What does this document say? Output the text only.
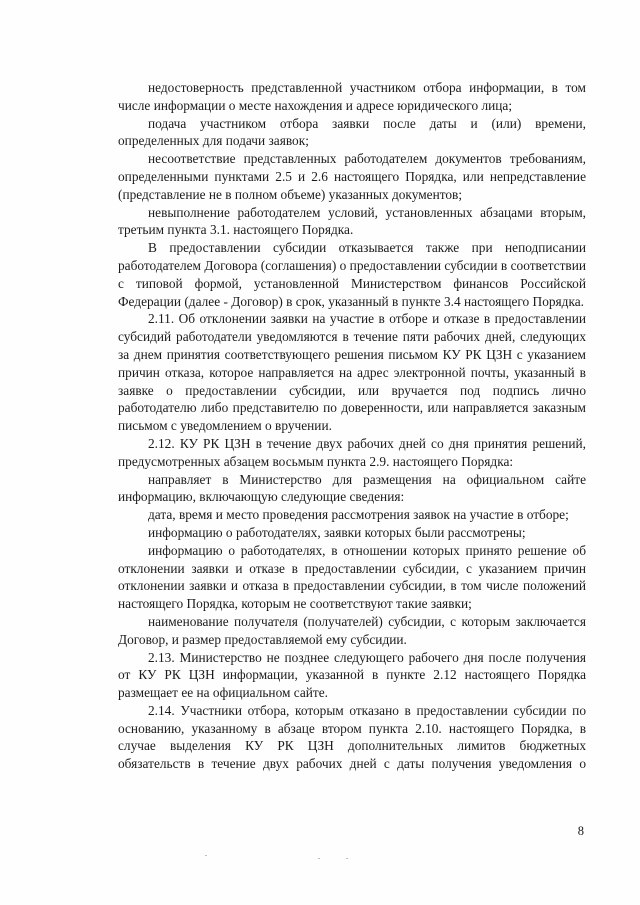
недостоверность представленной участником отбора информации, в том числе информации о месте нахождения и адресе юридического лица;

подача участником отбора заявки после даты и (или) времени, определенных для подачи заявок;

несоответствие представленных работодателем документов требованиям, определенными пунктами 2.5 и 2.6 настоящего Порядка, или непредставление (представление не в полном объеме) указанных документов;

невыполнение работодателем условий, установленных абзацами вторым, третьим пункта 3.1. настоящего Порядка.

В предоставлении субсидии отказывается также при неподписании работодателем Договора (соглашения) о предоставлении субсидии в соответствии с типовой формой, установленной Министерством финансов Российской Федерации (далее - Договор) в срок, указанный в пункте 3.4 настоящего Порядка.

2.11. Об отклонении заявки на участие в отборе и отказе в предоставлении субсидий работодатели уведомляются в течение пяти рабочих дней, следующих за днем принятия соответствующего решения письмом КУ РК ЦЗН с указанием причин отказа, которое направляется на адрес электронной почты, указанный в заявке о предоставлении субсидии, или вручается под подпись лично работодателю либо представителю по доверенности, или направляется заказным письмом с уведомлением о вручении.

2.12. КУ РК ЦЗН в течение двух рабочих дней со дня принятия решений, предусмотренных абзацем восьмым пункта 2.9. настоящего Порядка:

направляет в Министерство для размещения на официальном сайте информацию, включающую следующие сведения:

дата, время и место проведения рассмотрения заявок на участие в отборе;

информацию о работодателях, заявки которых были рассмотрены;

информацию о работодателях, в отношении которых принято решение об отклонении заявки и отказе в предоставлении субсидии, с указанием причин отклонении заявки и отказа в предоставлении субсидии, в том числе положений настоящего Порядка, которым не соответствуют такие заявки;

наименование получателя (получателей) субсидии, с которым заключается Договор, и размер предоставляемой ему субсидии.

2.13. Министерство не позднее следующего рабочего дня после получения от КУ РК ЦЗН информации, указанной в пункте 2.12 настоящего Порядка размещает ее на официальном сайте.

2.14. Участники отбора, которым отказано в предоставлении субсидии по основанию, указанному в абзаце втором пункта 2.10. настоящего Порядка, в случае выделения КУ РК ЦЗН дополнительных лимитов бюджетных обязательств в течение двух рабочих дней с даты получения уведомления о

8
